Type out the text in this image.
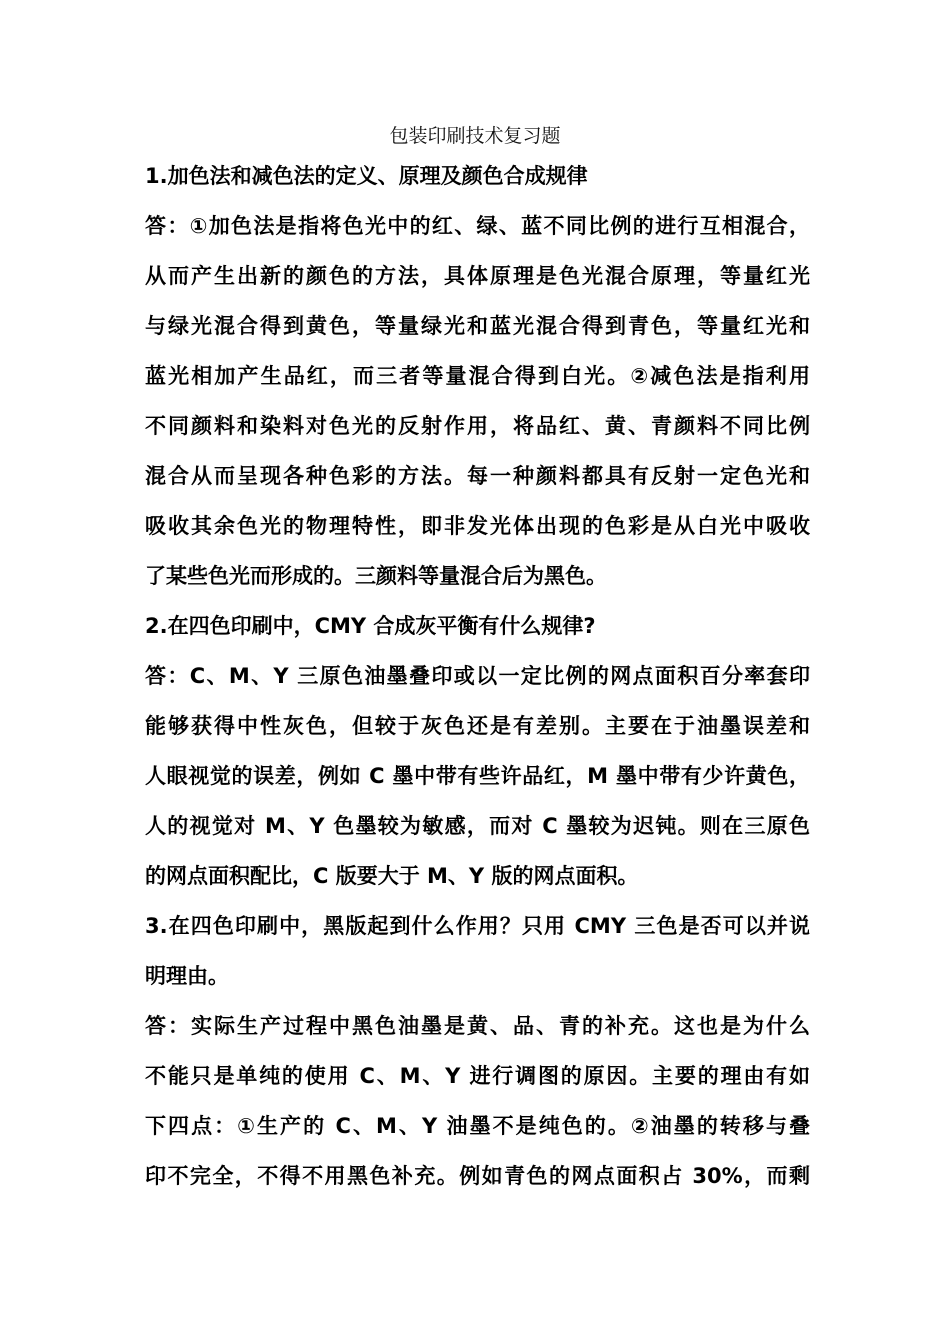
包装印刷技术复习题
1.加色法和减色法的定义、原理及颜色合成规律
答：①加色法是指将色光中的红、绿、蓝不同比例的进行互相混合，
从而产生出新的颜色的方法，具体原理是色光混合原理，等量红光
与绿光混合得到黄色，等量绿光和蓝光混合得到青色，等量红光和
蓝光相加产生品红，而三者等量混合得到白光。②减色法是指利用
不同颜料和染料对色光的反射作用，将品红、黄、青颜料不同比例
混合从而呈现各种色彩的方法。每一种颜料都具有反射一定色光和
吸收其余色光的物理特性，即非发光体出现的色彩是从白光中吸收
了某些色光而形成的。三颜料等量混合后为黑色。
2.在四色印刷中，CMY 合成灰平衡有什么规律?
答：C、M、Y 三原色油墨叠印或以一定比例的网点面积百分率套印
能够获得中性灰色，但较于灰色还是有差别。主要在于油墨误差和
人眼视觉的误差，例如 C 墨中带有些许品红，M 墨中带有少许黄色，
人的视觉对 M、Y 色墨较为敏感，而对 C 墨较为迟钝。则在三原色
的网点面积配比，C 版要大于 M、Y 版的网点面积。
3.在四色印刷中，黑版起到什么作用？只用 CMY 三色是否可以并说
明理由。
答：实际生产过程中黑色油墨是黄、品、青的补充。这也是为什么
不能只是单纯的使用 C、M、Y 进行调图的原因。主要的理由有如
下四点：①生产的 C、M、Y 油墨不是纯色的。②油墨的转移与叠
印不完全，不得不用黑色补充。例如青色的网点面积占 30%，而剩
